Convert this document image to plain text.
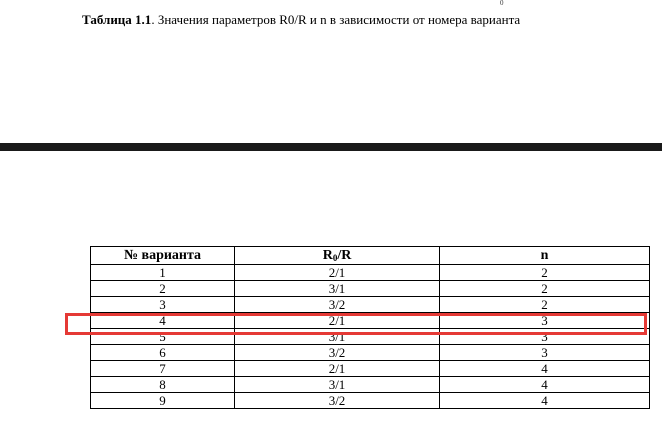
0
Таблица 1.1. Значения параметров R0/R и n в зависимости от номера варианта
№ варианта	$R_0/R$	n
1	2/1	2
2	3/1	2
3	3/2	2
4	2/1	3
5	3/1	3
6	3/2	3
7	2/1	4
8	3/1	4
9	3/2	4
